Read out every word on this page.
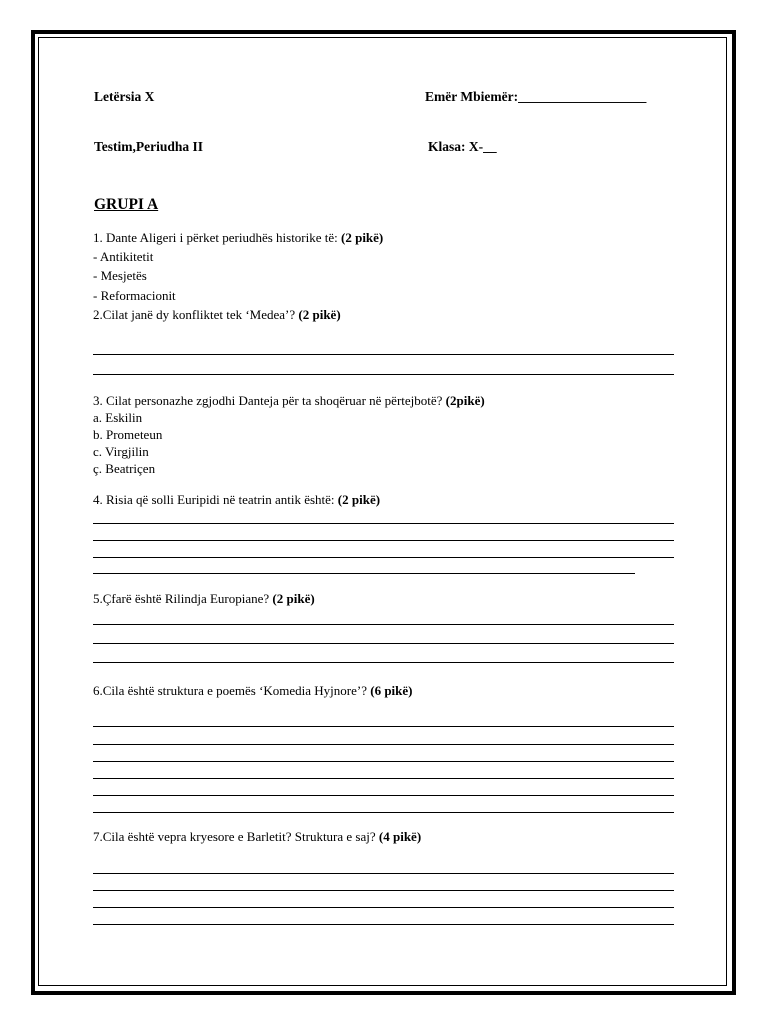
Letërsia X	Emër Mbiemër:___________________
Testim,Periudha II	Klasa: X-__
GRUPI A
1. Dante Aligeri i përket periudhës historike të: (2 pikë)
- Antikitetit
- Mesjetës
- Reformacionit
2.Cilat janë dy konfliktet tek ‘Medea’? (2 pikë)
3. Cilat personazhe zgjodhi Danteja për ta shoqëruar në përtejbotë? (2pikë)
a. Eskilin
b. Prometeun
c. Virgjilin
ç. Beatriçen
4. Risia që solli Euripidi në teatrin antik është: (2 pikë)
5.Çfarë është Rilindja Europiane? (2 pikë)
6.Cila është struktura e poemës ‘Komedia Hyjnore’? (6 pikë)
7.Cila është vepra kryesore e Barletit? Struktura e saj? (4 pikë)
